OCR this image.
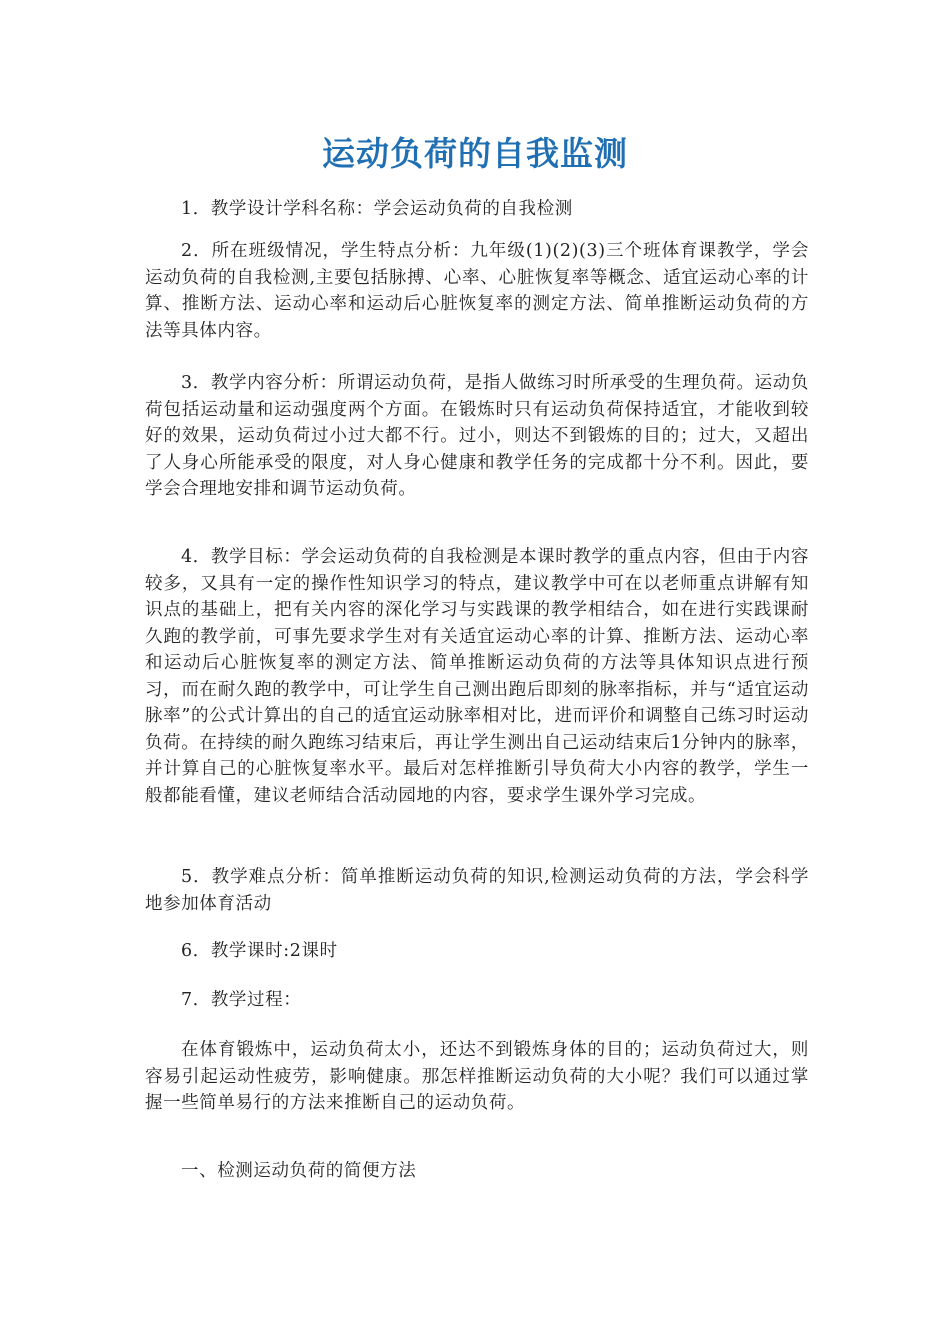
运动负荷的自我监测

1．教学设计学科名称：学会运动负荷的自我检测

2．所在班级情况，学生特点分析：九年级(1)(2)(3)三个班体育课教学，学会运动负荷的自我检测,主要包括脉搏、心率、心脏恢复率等概念、适宜运动心率的计算、推断方法、运动心率和运动后心脏恢复率的测定方法、简单推断运动负荷的方法等具体内容。

3．教学内容分析：所谓运动负荷，是指人做练习时所承受的生理负荷。运动负荷包括运动量和运动强度两个方面。在锻炼时只有运动负荷保持适宜，才能收到较好的效果，运动负荷过小过大都不行。过小，则达不到锻炼的目的；过大，又超出了人身心所能承受的限度，对人身心健康和教学任务的完成都十分不利。因此，要学会合理地安排和调节运动负荷。

4．教学目标：学会运动负荷的自我检测是本课时教学的重点内容，但由于内容较多，又具有一定的操作性知识学习的特点，建议教学中可在以老师重点讲解有知识点的基础上，把有关内容的深化学习与实践课的教学相结合，如在进行实践课耐久跑的教学前，可事先要求学生对有关适宜运动心率的计算、推断方法、运动心率和运动后心脏恢复率的测定方法、简单推断运动负荷的方法等具体知识点进行预习，而在耐久跑的教学中，可让学生自己测出跑后即刻的脉率指标，并与“适宜运动脉率”的公式计算出的自己的适宜运动脉率相对比，进而评价和调整自己练习时运动负荷。在持续的耐久跑练习结束后，再让学生测出自己运动结束后1分钟内的脉率，并计算自己的心脏恢复率水平。最后对怎样推断引导负荷大小内容的教学，学生一般都能看懂，建议老师结合活动园地的内容，要求学生课外学习完成。

5．教学难点分析：简单推断运动负荷的知识,检测运动负荷的方法，学会科学地参加体育活动

6．教学课时:2课时

7．教学过程：

在体育锻炼中，运动负荷太小，还达不到锻炼身体的目的；运动负荷过大，则容易引起运动性疲劳，影响健康。那怎样推断运动负荷的大小呢？我们可以通过掌握一些简单易行的方法来推断自己的运动负荷。

一、检测运动负荷的简便方法
